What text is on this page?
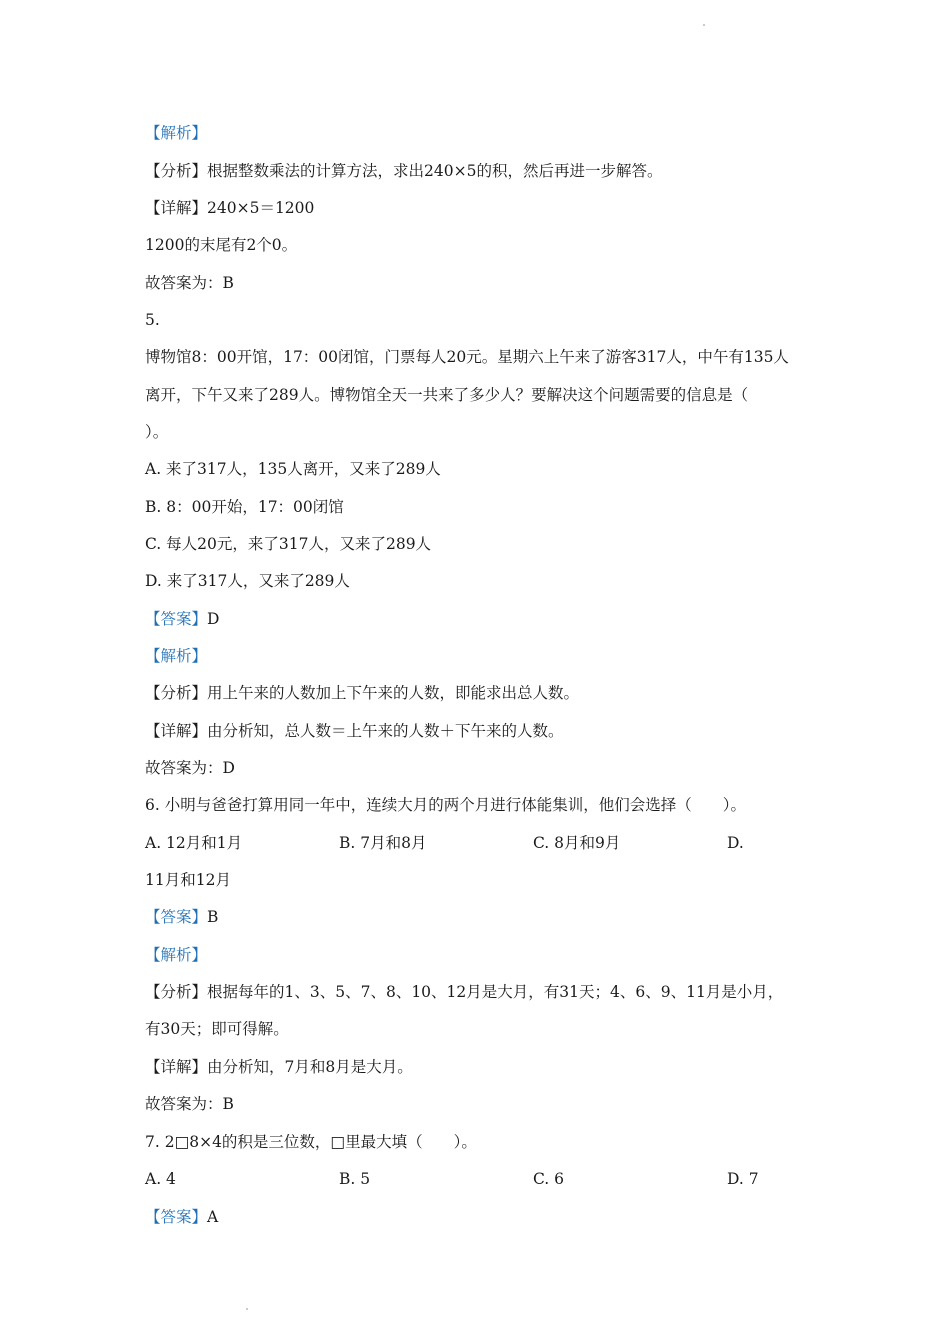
【解析】
【分析】根据整数乘法的计算方法，求出240×5的积，然后再进一步解答。
【详解】240×5＝1200
1200的末尾有2个0。
故答案为：B
5.
博物馆8：00开馆，17：00闭馆，门票每人20元。星期六上午来了游客317人，中午有135人
离开，下午又来了289人。博物馆全天一共来了多少人？要解决这个问题需要的信息是（
）。
A. 来了317人，135人离开，又来了289人
B. 8：00开始，17：00闭馆
C. 每人20元，来了317人，又来了289人
D. 来了317人，又来了289人
【答案】D
【解析】
【分析】用上午来的人数加上下午来的人数，即能求出总人数。
【详解】由分析知，总人数＝上午来的人数＋下午来的人数。
故答案为：D
6. 小明与爸爸打算用同一年中，连续大月的两个月进行体能集训，他们会选择（　　）。
A. 12月和1月	B. 7月和8月	C. 8月和9月	D.
11月和12月
【答案】B
【解析】
【分析】根据每年的1、3、5、7、8、10、12月是大月，有31天；4、6、9、11月是小月，
有30天；即可得解。
【详解】由分析知，7月和8月是大月。
故答案为：B
7. 2□8×4的积是三位数，□里最大填（　　）。
A. 4	B. 5	C. 6	D. 7
【答案】A
